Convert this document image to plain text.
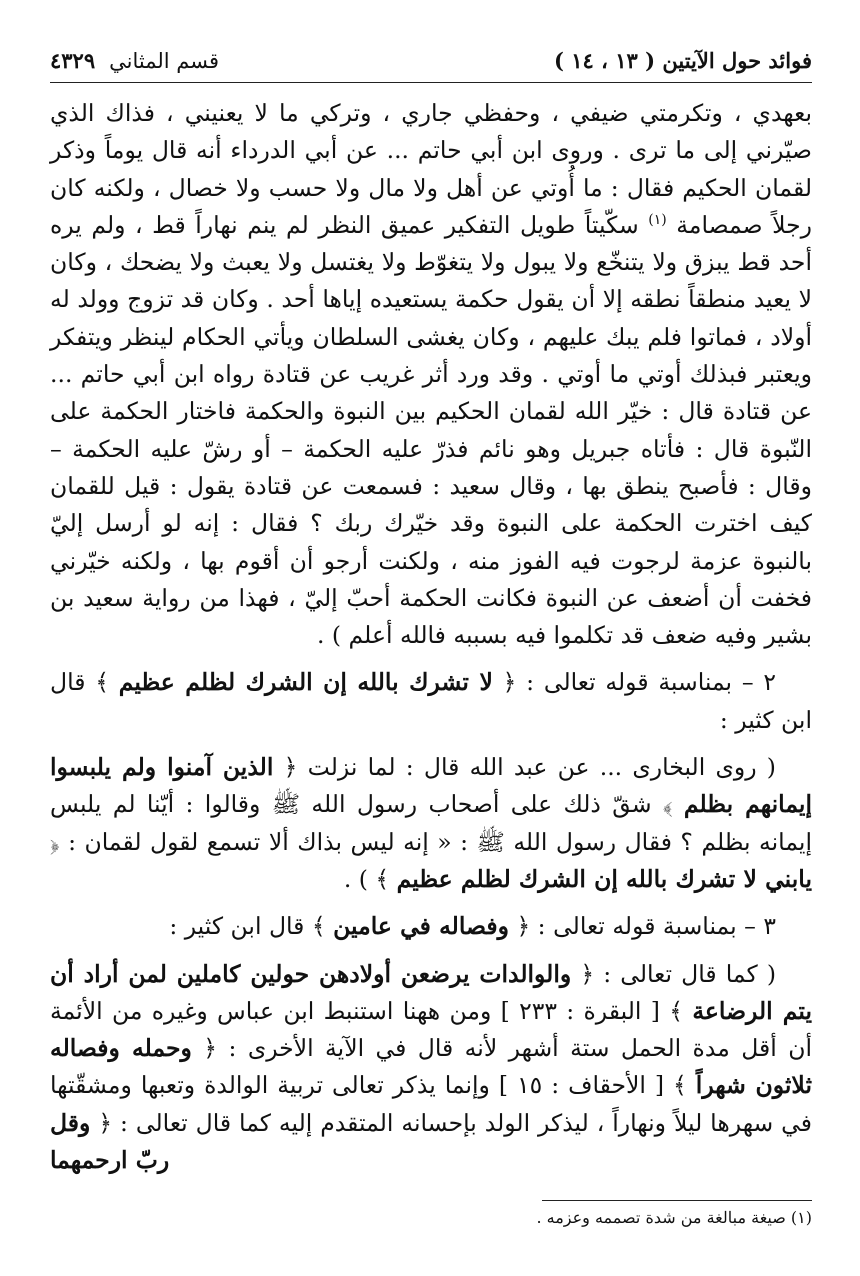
فوائد حول الآيتين ( ١٣ ، ١٤ )
قسم المثاني٤٣٢٩

بعهدي ، وتكرمتي ضيفي ، وحفظي جاري ، وتركي ما لا يعنيني ، فذاك الذي صيّرني إلى ما ترى . وروى ابن أبي حاتم ... عن أبي الدرداء أنه قال يوماً وذكر لقمان الحكيم فقال : ما أُوتي عن أهل ولا مال ولا حسب ولا خصال ، ولكنه كان رجلاً صمصامة $^{(١)}$ سكّيتاً طويل التفكير عميق النظر لم ينم نهاراً قط ، ولم يره أحد قط يبزق ولا يتنخّع ولا يبول ولا يتغوّط ولا يغتسل ولا يعبث ولا يضحك ، وكان لا يعيد منطقاً نطقه إلا أن يقول حكمة يستعيده إياها أحد . وكان قد تزوج وولد له أولاد ، فماتوا فلم يبك عليهم ، وكان يغشى السلطان ويأتي الحكام لينظر ويتفكر ويعتبر فبذلك أوتي ما أوتي . وقد ورد أثر غريب عن قتادة رواه ابن أبي حاتم ... عن قتادة قال : خيّر الله لقمان الحكيم بين النبوة والحكمة فاختار الحكمة على النّبوة قال : فأتاه جبريل وهو نائم فذرّ عليه الحكمة – أو رشّ عليه الحكمة – وقال : فأصبح ينطق بها ، وقال سعيد : فسمعت عن قتادة يقول : قيل للقمان كيف اخترت الحكمة على النبوة وقد خيّرك ربك ؟ فقال : إنه لو أرسل إليّ بالنبوة عزمة لرجوت فيه الفوز منه ، ولكنت أرجو أن أقوم بها ، ولكنه خيّرني فخفت أن أضعف عن النبوة فكانت الحكمة أحبّ إليّ ، فهذا من رواية سعيد بن بشير وفيه ضعف قد تكلموا فيه بسببه فالله أعلم ) .

٢ – بمناسبة قوله تعالى : ﴿ لا تشرك بالله إن الشرك لظلم عظيم ﴾ قال ابن كثير :

( روى البخارى ... عن عبد الله قال : لما نزلت ﴿ الذين آمنوا ولم يلبسوا إيمانهم بظلم ﴾ شقّ ذلك على أصحاب رسول الله ﷺ وقالوا : أيّنا لم يلبس إيمانه بظلم ؟ فقال رسول الله ﷺ : « إنه ليس بذاك ألا تسمع لقول لقمان : ﴿ يابني لا تشرك بالله إن الشرك لظلم عظيم ﴾ ) .

٣ – بمناسبة قوله تعالى : ﴿ وفصاله في عامين ﴾ قال ابن كثير :

( كما قال تعالى : ﴿ والوالدات يرضعن أولادهن حولين كاملين لمن أراد أن يتم الرضاعة ﴾ [ البقرة : ٢٣٣ ] ومن ههنا استنبط ابن عباس وغيره من الأئمة أن أقل مدة الحمل ستة أشهر لأنه قال في الآية الأخرى : ﴿ وحمله وفصاله ثلاثون شهراً ﴾ [ الأحقاف : ١٥ ] وإنما يذكر تعالى تربية الوالدة وتعبها ومشقّتها في سهرها ليلاً ونهاراً ، ليذكر الولد بإحسانه المتقدم إليه كما قال تعالى : ﴿ وقل ربّ ارحمهما

(١) صيغة مبالغة من شدة تصممه وعزمه .
